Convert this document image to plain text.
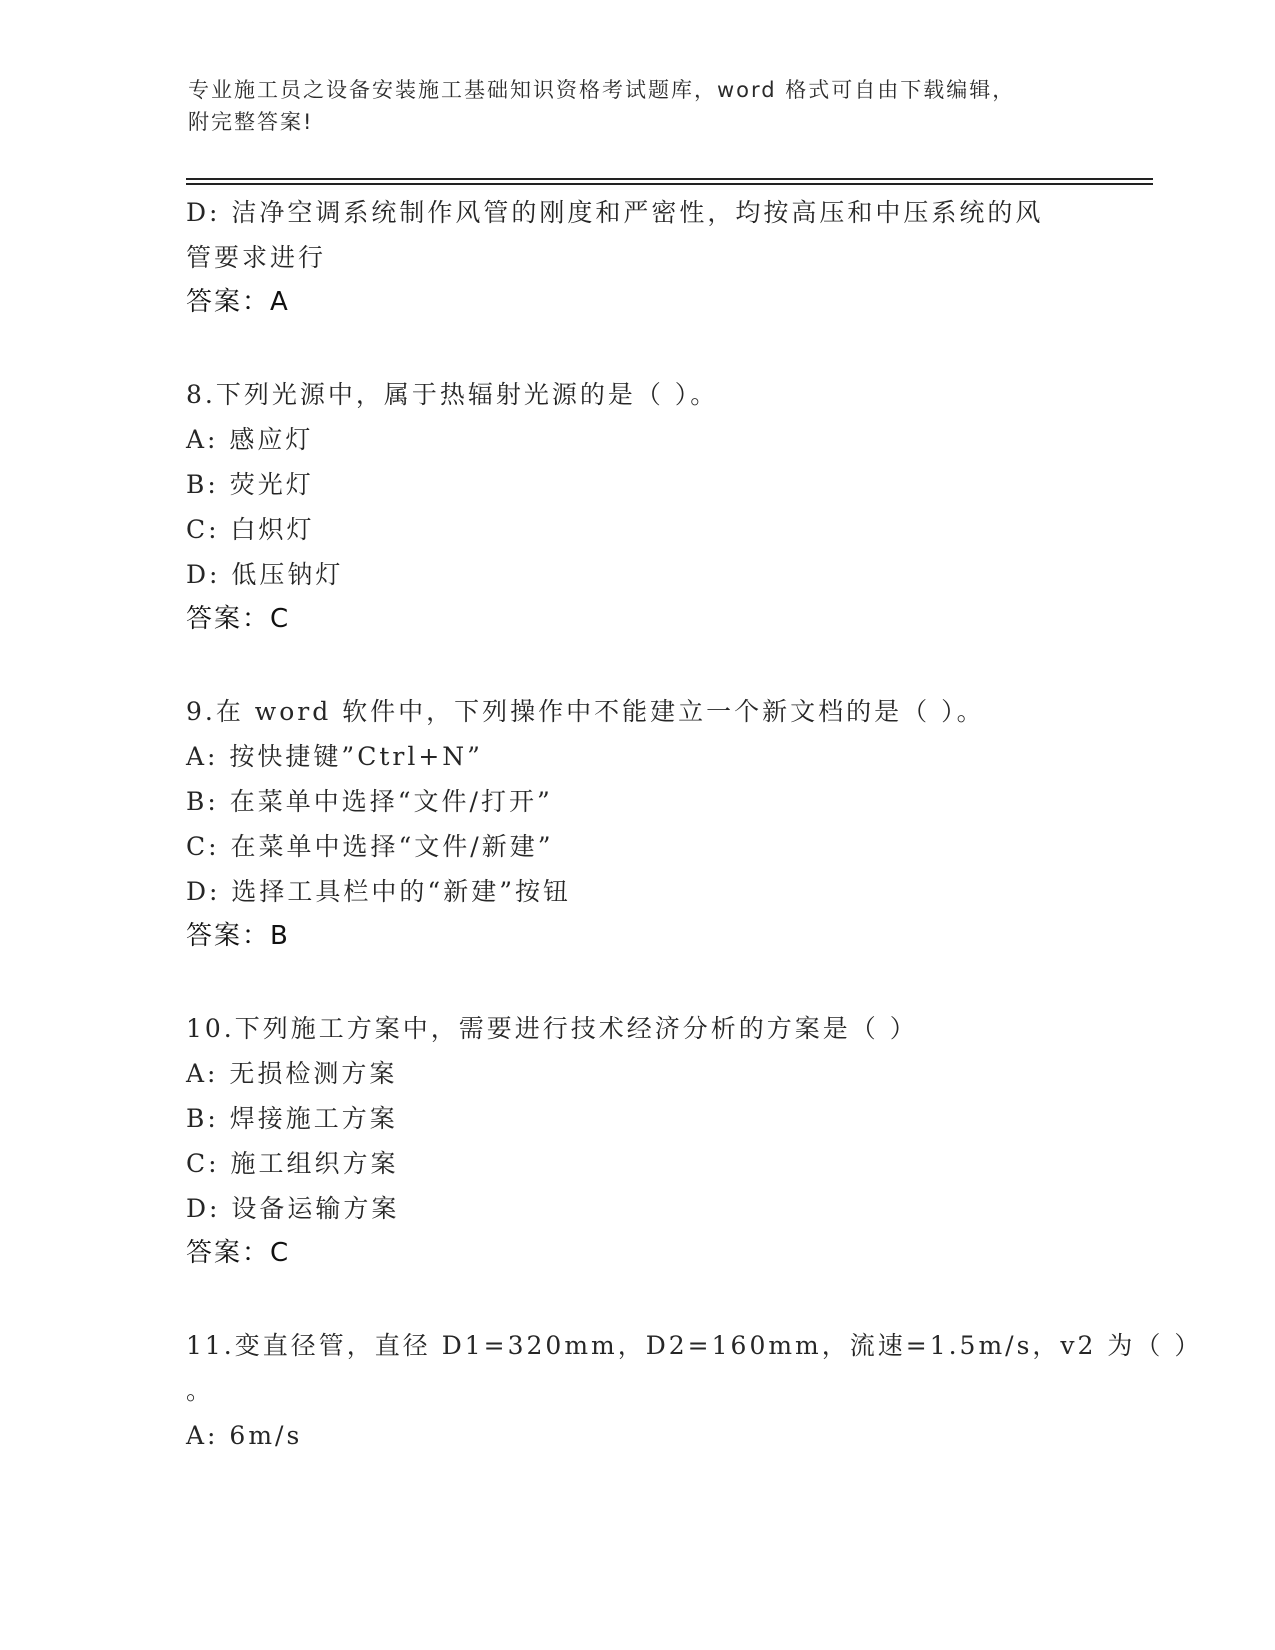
专业施工员之设备安装施工基础知识资格考试题库，word 格式可自由下载编辑，
附完整答案!
D: 洁净空调系统制作风管的刚度和严密性，均按高压和中压系统的风
管要求进行
答案：A
8.下列光源中，属于热辐射光源的是（ ）。
A: 感应灯
B: 荧光灯
C: 白炽灯
D: 低压钠灯
答案：C
9.在 word 软件中，下列操作中不能建立一个新文档的是（ ）。
A: 按快捷键”Ctrl+N”
B: 在菜单中选择“文件/打开”
C: 在菜单中选择“文件/新建”
D: 选择工具栏中的“新建”按钮
答案：B
10.下列施工方案中，需要进行技术经济分析的方案是（ ）
A: 无损检测方案
B: 焊接施工方案
C: 施工组织方案
D: 设备运输方案
答案：C
11.变直径管，直径 D1=320mm，D2=160mm，流速=1.5m/s，v2 为（ ）
。
A: 6m/s
